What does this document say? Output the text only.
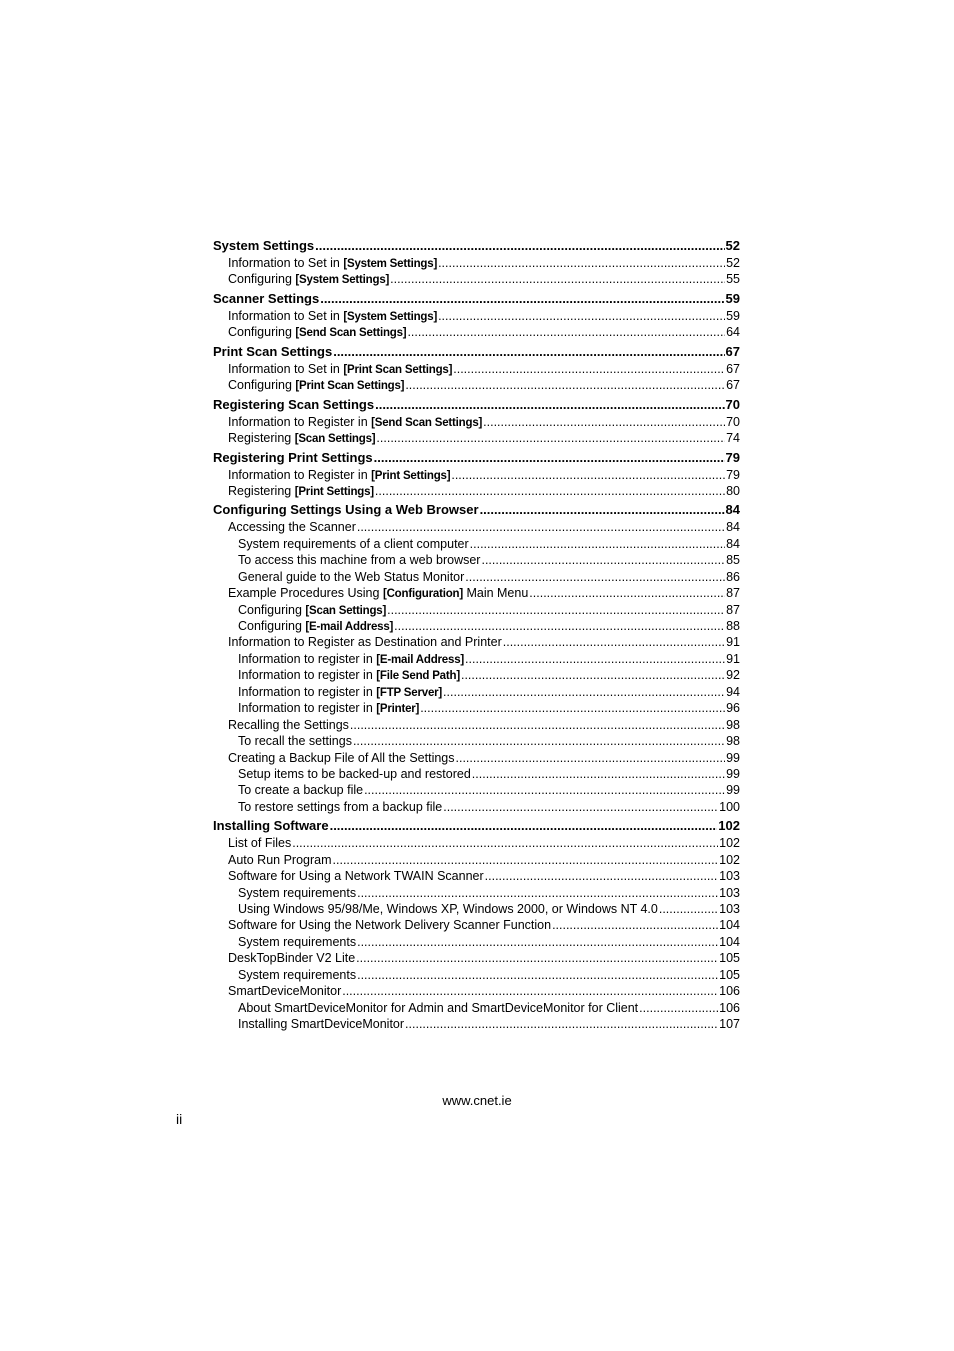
System Settings .....	52
Information to Set in [System Settings] .....	52
Configuring [System Settings] .....	55
Scanner Settings .....	59
Information to Set in [System Settings] .....	59
Configuring [Send Scan Settings] .....	64
Print Scan Settings .....	67
Information to Set in [Print Scan Settings] .....	67
Configuring [Print Scan Settings] .....	67
Registering Scan Settings .....	70
Information to Register in [Send Scan Settings] .....	70
Registering [Scan Settings] .....	74
Registering Print Settings .....	79
Information to Register in [Print Settings] .....	79
Registering [Print Settings] .....	80
Configuring Settings Using a Web Browser .....	84
Accessing the Scanner .....	84
System requirements of a client computer .....	84
To access this machine from a web browser .....	85
General guide to the Web Status Monitor .....	86
Example Procedures Using [Configuration] Main Menu .....	87
Configuring [Scan Settings] .....	87
Configuring [E-mail Address] .....	88
Information to Register as Destination and Printer .....	91
Information to register in [E-mail Address] .....	91
Information to register in [File Send Path] .....	92
Information to register in [FTP Server] .....	94
Information to register in [Printer] .....	96
Recalling the Settings .....	98
To recall the settings .....	98
Creating a Backup File of All the Settings .....	99
Setup items to be backed-up and restored .....	99
To create a backup file .....	99
To restore settings from a backup file .....	100
Installing Software .....	102
List of Files .....	102
Auto Run Program .....	102
Software for Using a Network TWAIN Scanner .....	103
System requirements .....	103
Using Windows 95/98/Me, Windows XP, Windows 2000, or Windows NT 4.0 .....	103
Software for Using the Network Delivery Scanner Function .....	104
System requirements .....	104
DeskTopBinder V2 Lite .....	105
System requirements .....	105
SmartDeviceMonitor .....	106
About SmartDeviceMonitor for Admin and SmartDeviceMonitor for Client .....	106
Installing SmartDeviceMonitor .....	107
www.cnet.ie
ii
